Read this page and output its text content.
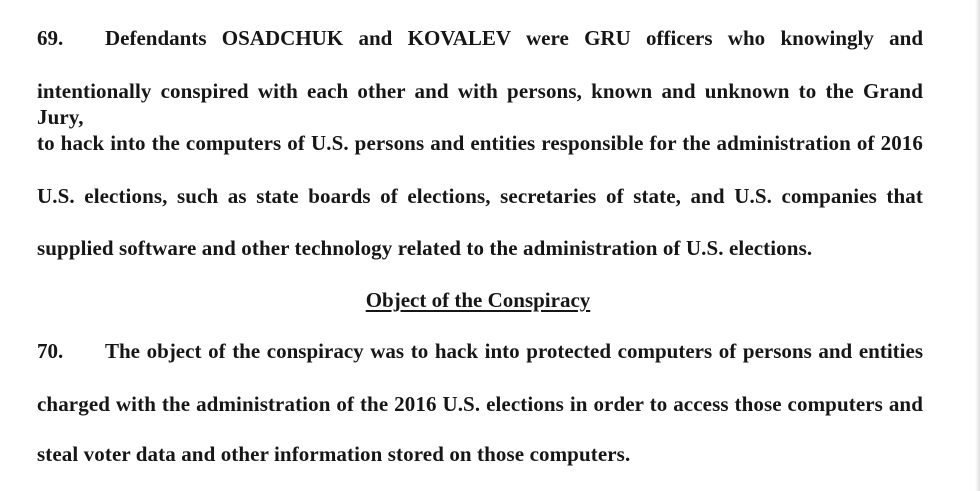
69. Defendants OSADCHUK and KOVALEV were GRU officers who knowingly and
intentionally conspired with each other and with persons, known and unknown to the Grand Jury,
to hack into the computers of U.S. persons and entities responsible for the administration of 2016
U.S. elections, such as state boards of elections, secretaries of state, and U.S. companies that
supplied software and other technology related to the administration of U.S. elections.
Object of the Conspiracy
70. The object of the conspiracy was to hack into protected computers of persons and entities
charged with the administration of the 2016 U.S. elections in order to access those computers and
steal voter data and other information stored on those computers.
